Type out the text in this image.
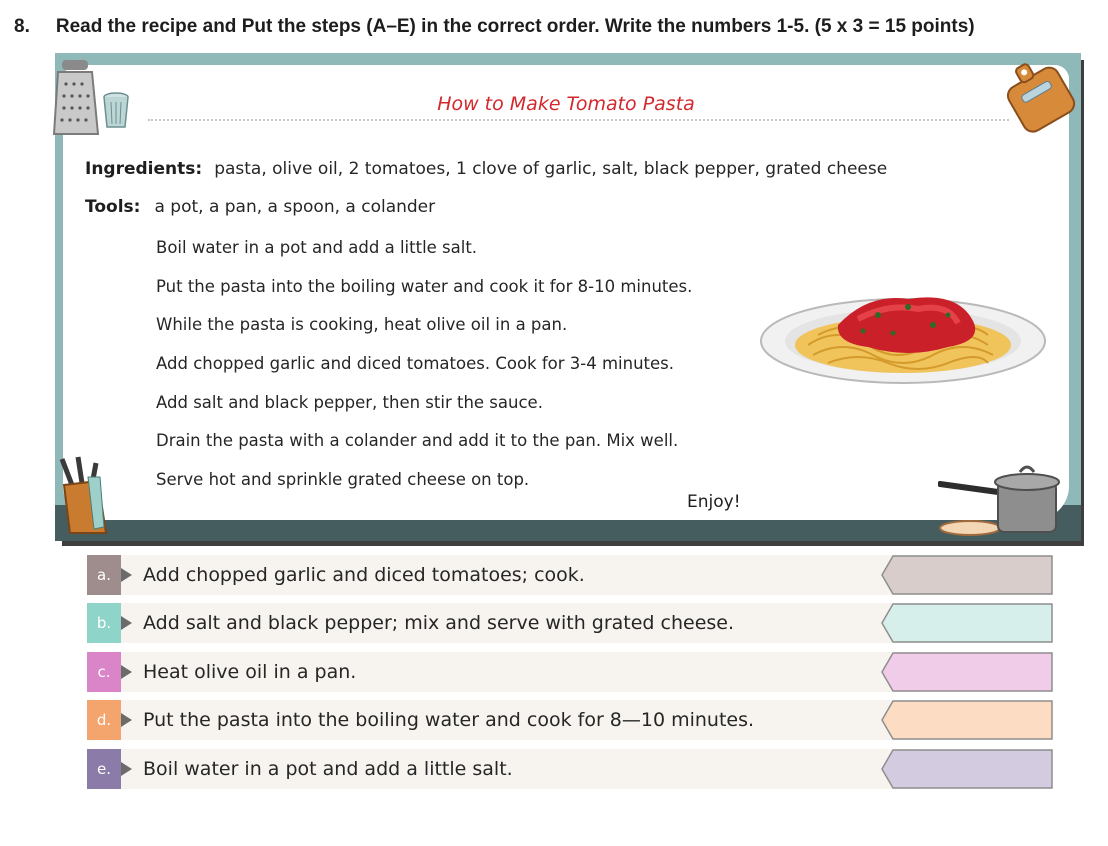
8. Read the recipe and Put the steps (A–E) in the correct order. Write the numbers 1-5. (5 x 3 = 15 points)
How to Make Tomato Pasta
Ingredients: pasta, olive oil, 2 tomatoes, 1 clove of garlic, salt, black pepper, grated cheese
Tools: a pot, a pan, a spoon, a colander
Boil water in a pot and add a little salt.
Put the pasta into the boiling water and cook it for 8-10 minutes.
While the pasta is cooking, heat olive oil in a pan.
Add chopped garlic and diced tomatoes. Cook for 3-4 minutes.
Add salt and black pepper, then stir the sauce.
Drain the pasta with a colander and add it to the pan. Mix well.
Serve hot and sprinkle grated cheese on top.
Enjoy!
a.	Add chopped garlic and diced tomatoes; cook.
b.	Add salt and black pepper; mix and serve with grated cheese.
c.	Heat olive oil in a pan.
d.	Put the pasta into the boiling water and cook for 8—10 minutes.
e.	Boil water in a pot and add a little salt.
